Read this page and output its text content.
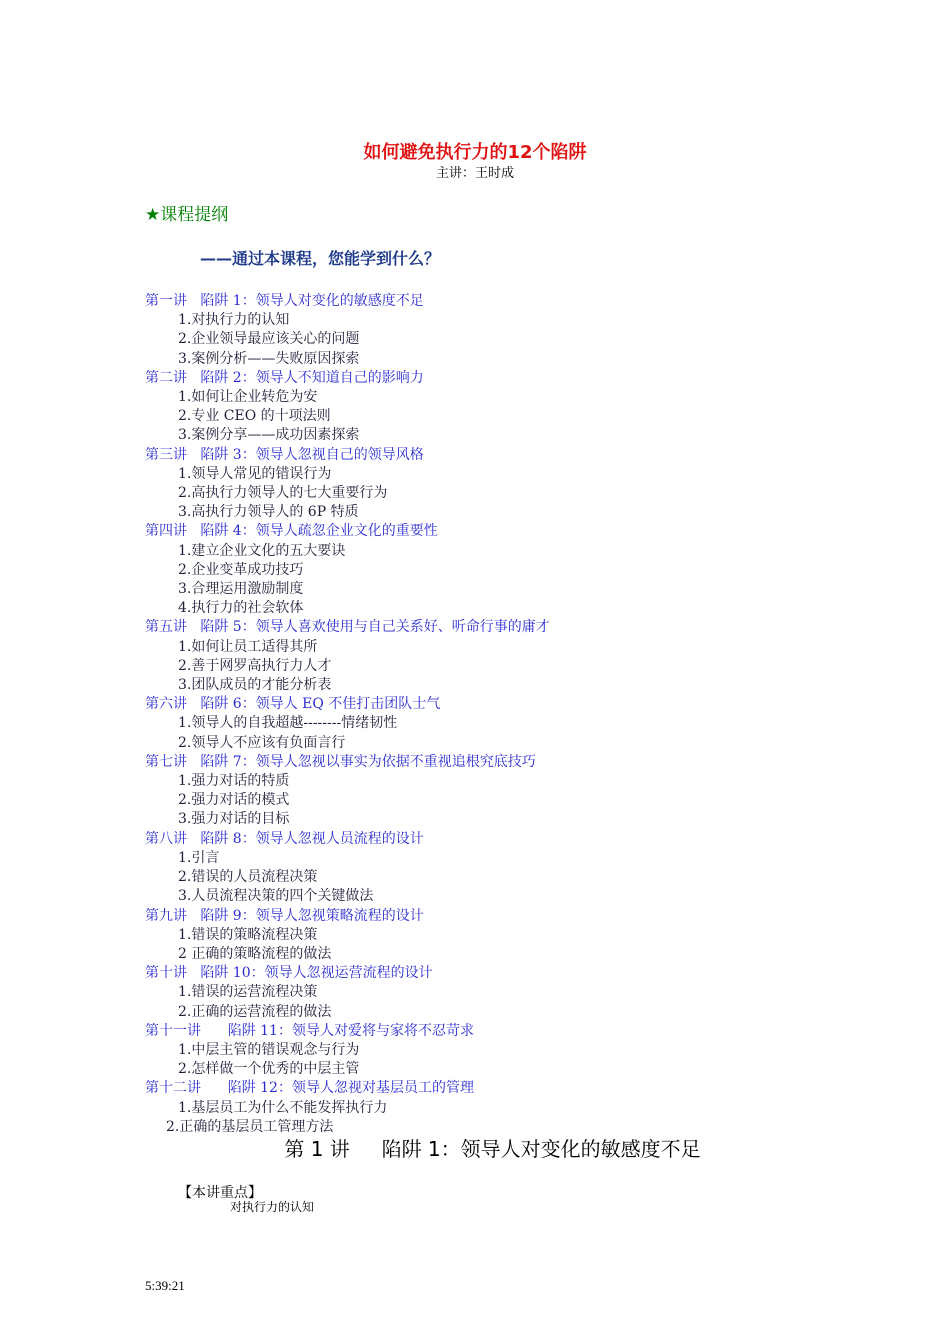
如何避免执行力的12个陷阱
主讲：王时成
★课程提纲
——通过本课程，您能学到什么？
第一讲   陷阱 1：领导人对变化的敏感度不足
1.对执行力的认知
2.企业领导最应该关心的问题
3.案例分析——失败原因探索
第二讲   陷阱 2：领导人不知道自己的影响力
1.如何让企业转危为安
2.专业 CEO 的十项法则
3.案例分享——成功因素探索
第三讲   陷阱 3：领导人忽视自己的领导风格
1.领导人常见的错误行为
2.高执行力领导人的七大重要行为
3.高执行力领导人的 6P 特质
第四讲   陷阱 4：领导人疏忽企业文化的重要性
1.建立企业文化的五大要诀
2.企业变革成功技巧
3.合理运用激励制度
4.执行力的社会软体
第五讲   陷阱 5：领导人喜欢使用与自己关系好、听命行事的庸才
1.如何让员工适得其所
2.善于网罗高执行力人才
3.团队成员的才能分析表
第六讲   陷阱 6：领导人 EQ 不佳打击团队士气
1.领导人的自我超越--------情绪韧性
2.领导人不应该有负面言行
第七讲   陷阱 7：领导人忽视以事实为依据不重视追根究底技巧
1.强力对话的特质
2.强力对话的模式
3.强力对话的目标
第八讲   陷阱 8：领导人忽视人员流程的设计
1.引言
2.错误的人员流程决策
3.人员流程决策的四个关键做法
第九讲   陷阱 9：领导人忽视策略流程的设计
1.错误的策略流程决策
2 正确的策略流程的做法
第十讲   陷阱 10：领导人忽视运营流程的设计
1.错误的运营流程决策
2.正确的运营流程的做法
第十一讲      陷阱 11：领导人对爱将与家将不忍苛求
1.中层主管的错误观念与行为
2.怎样做一个优秀的中层主管
第十二讲      陷阱 12：领导人忽视对基层员工的管理
1.基层员工为什么不能发挥执行力
2.正确的基层员工管理方法
第 1 讲     陷阱 1：领导人对变化的敏感度不足
【本讲重点】
对执行力的认知
5:39:21
